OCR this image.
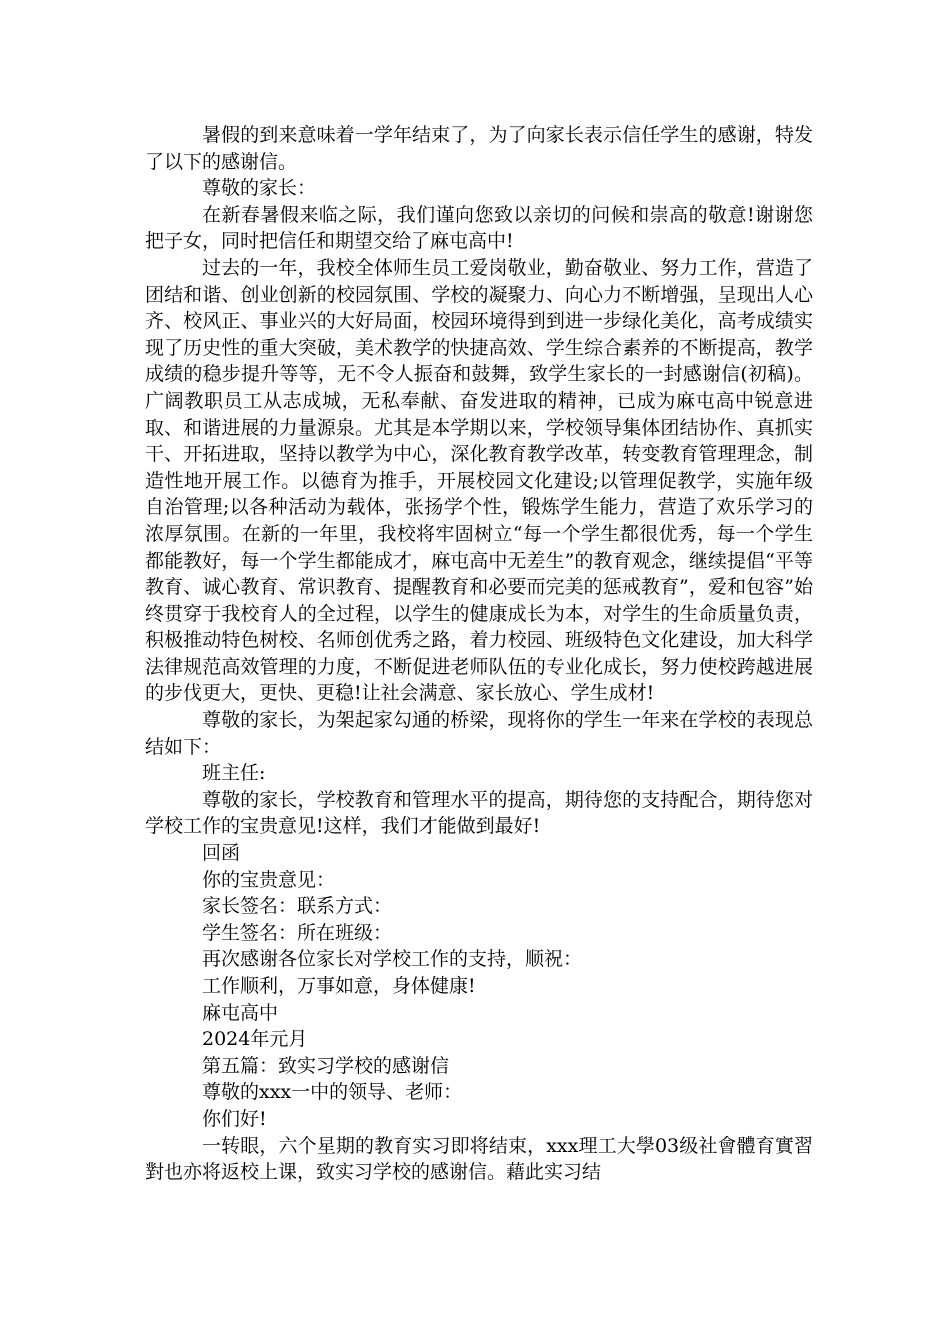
暑假的到来意味着一学年结束了，为了向家长表示信任学生的感谢，特发了以下的感谢信。

尊敬的家长：

在新春暑假来临之际，我们谨向您致以亲切的问候和崇高的敬意!谢谢您把子女，同时把信任和期望交给了麻屯高中!

过去的一年，我校全体师生员工爱岗敬业，勤奋敬业、努力工作，营造了团结和谐、创业创新的校园氛围、学校的凝聚力、向心力不断增强，呈现出人心齐、校风正、事业兴的大好局面，校园环境得到到进一步绿化美化，高考成绩实现了历史性的重大突破，美术教学的快捷高效、学生综合素养的不断提高，教学成绩的稳步提升等等，无不令人振奋和鼓舞，致学生家长的一封感谢信(初稿)。广阔教职员工从志成城，无私奉献、奋发进取的精神，已成为麻屯高中锐意进取、和谐进展的力量源泉。尤其是本学期以来，学校领导集体团结协作、真抓实干、开拓进取，坚持以教学为中心，深化教育教学改革，转变教育管理理念，制造性地开展工作。以德育为推手，开展校园文化建设;以管理促教学，实施年级自治管理;以各种活动为载体，张扬学个性，锻炼学生能力，营造了欢乐学习的浓厚氛围。在新的一年里，我校将牢固树立“每一个学生都很优秀，每一个学生都能教好，每一个学生都能成才，麻屯高中无差生”的教育观念，继续提倡“平等教育、诚心教育、常识教育、提醒教育和必要而完美的惩戒教育”，爱和包容”始终贯穿于我校育人的全过程，以学生的健康成长为本，对学生的生命质量负责，积极推动特色树校、名师创优秀之路，着力校园、班级特色文化建设，加大科学法律规范高效管理的力度，不断促进老师队伍的专业化成长，努力使校跨越进展的步伐更大，更快、更稳!让社会满意、家长放心、学生成材!

尊敬的家长，为架起家勾通的桥梁，现将你的学生一年来在学校的表现总结如下：

班主任:

尊敬的家长，学校教育和管理水平的提高，期待您的支持配合，期待您对学校工作的宝贵意见!这样，我们才能做到最好!

回函

你的宝贵意见：

家长签名：联系方式：

学生签名：所在班级：

再次感谢各位家长对学校工作的支持，顺祝：

工作顺利，万事如意，身体健康!

麻屯高中

2024年元月

第五篇：致实习学校的感谢信

尊敬的xxx一中的领导、老师：

你们好!

一转眼，六个星期的教育实习即将结束，xxx理工大學03级社會體育實習對也亦将返校上课，致实习学校的感谢信。藉此实习结
